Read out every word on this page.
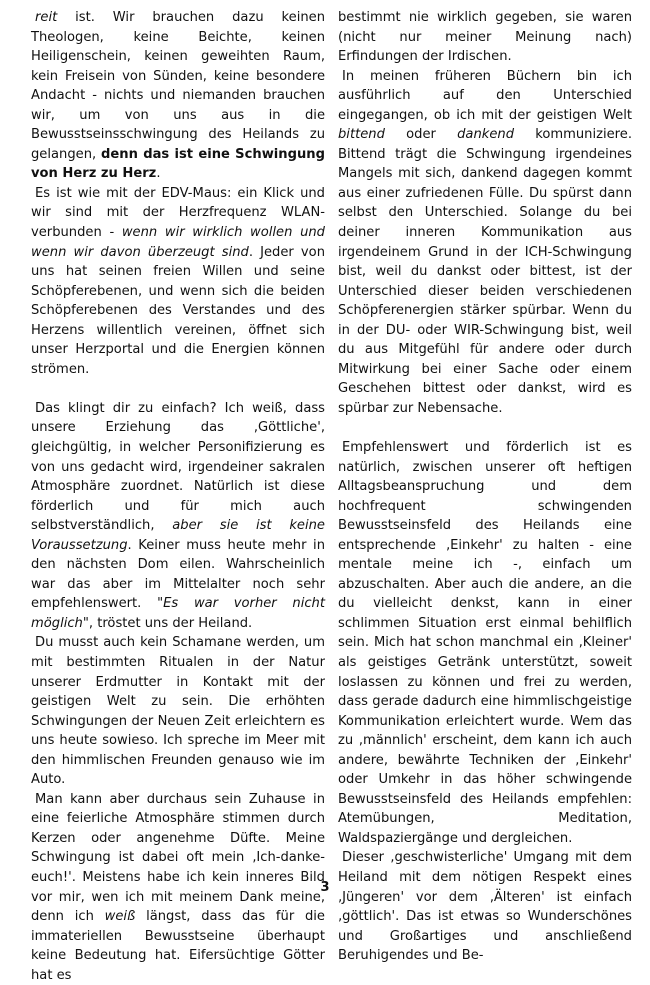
reit ist. Wir brauchen dazu keinen Theologen, keine Beichte, keinen Heiligenschein, keinen geweihten Raum, kein Freisein von Sünden, keine besondere Andacht - nichts und niemanden brauchen wir, um von uns aus in die Bewusstseinsschwingung des Heilands zu gelangen, denn das ist eine Schwingung von Herz zu Herz.

Es ist wie mit der EDV-Maus: ein Klick und wir sind mit der Herzfrequenz WLAN-verbunden - wenn wir wirklich wollen und wenn wir davon überzeugt sind. Jeder von uns hat seinen freien Willen und seine Schöpferebenen, und wenn sich die beiden Schöpferebenen des Verstandes und des Herzens willentlich vereinen, öffnet sich unser Herzportal und die Energien können strömen.

Das klingt dir zu einfach? Ich weiß, dass unsere Erziehung das ‚Göttliche', gleichgültig, in welcher Personifizierung es von uns gedacht wird, irgendeiner sakralen Atmosphäre zuordnet. Natürlich ist diese förderlich und für mich auch selbstverständlich, aber sie ist keine Voraussetzung. Keiner muss heute mehr in den nächsten Dom eilen. Wahrscheinlich war das aber im Mittelalter noch sehr empfehlenswert. "Es war vorher nicht möglich", tröstet uns der Heiland.

Du musst auch kein Schamane werden, um mit bestimmten Ritualen in der Natur unserer Erdmutter in Kontakt mit der geistigen Welt zu sein. Die erhöhten Schwingungen der Neuen Zeit erleichtern es uns heute sowieso. Ich spreche im Meer mit den himmlischen Freunden genauso wie im Auto.

Man kann aber durchaus sein Zuhause in eine feierliche Atmosphäre stimmen durch Kerzen oder angenehme Düfte. Meine Schwingung ist dabei oft mein ‚Ich-danke-euch!'. Meistens habe ich kein inneres Bild vor mir, wen ich mit meinem Dank meine, denn ich weiß längst, dass das für die immateriellen Bewusstseine überhaupt keine Bedeutung hat. Eifersüchtige Götter hat es

bestimmt nie wirklich gegeben, sie waren (nicht nur meiner Meinung nach) Erfindungen der Irdischen.

In meinen früheren Büchern bin ich ausführlich auf den Unterschied eingegangen, ob ich mit der geistigen Welt bittend oder dankend kommuniziere. Bittend trägt die Schwingung irgendeines Mangels mit sich, dankend dagegen kommt aus einer zufriedenen Fülle. Du spürst dann selbst den Unterschied. Solange du bei deiner inneren Kommunikation aus irgendeinem Grund in der ICH-Schwingung bist, weil du dankst oder bittest, ist der Unterschied dieser beiden verschiedenen Schöpferenergien stärker spürbar. Wenn du in der DU- oder WIR-Schwingung bist, weil du aus Mitgefühl für andere oder durch Mitwirkung bei einer Sache oder einem Geschehen bittest oder dankst, wird es spürbar zur Nebensache.

Empfehlenswert und förderlich ist es natürlich, zwischen unserer oft heftigen Alltagsbeanspruchung und dem hochfrequent schwingenden Bewusstseinsfeld des Heilands eine entsprechende ‚Einkehr' zu halten - eine mentale meine ich -, einfach um abzuschalten. Aber auch die andere, an die du vielleicht denkst, kann in einer schlimmen Situation erst einmal behilflich sein. Mich hat schon manchmal ein ‚Kleiner' als geistiges Getränk unterstützt, soweit loslassen zu können und frei zu werden, dass gerade dadurch eine himmlischgeistige Kommunikation erleichtert wurde. Wem das zu ‚männlich' erscheint, dem kann ich auch andere, bewährte Techniken der ‚Einkehr' oder Umkehr in das höher schwingende Bewusstseinsfeld des Heilands empfehlen: Atemübungen, Meditation, Waldspaziergänge und dergleichen.

Dieser ‚geschwisterliche' Umgang mit dem Heiland mit dem nötigen Respekt eines ‚Jüngeren' vor dem ‚Älteren' ist einfach ‚göttlich'. Das ist etwas so Wunderschönes und Großartiges und anschließend Beruhigendes und Be-

3
